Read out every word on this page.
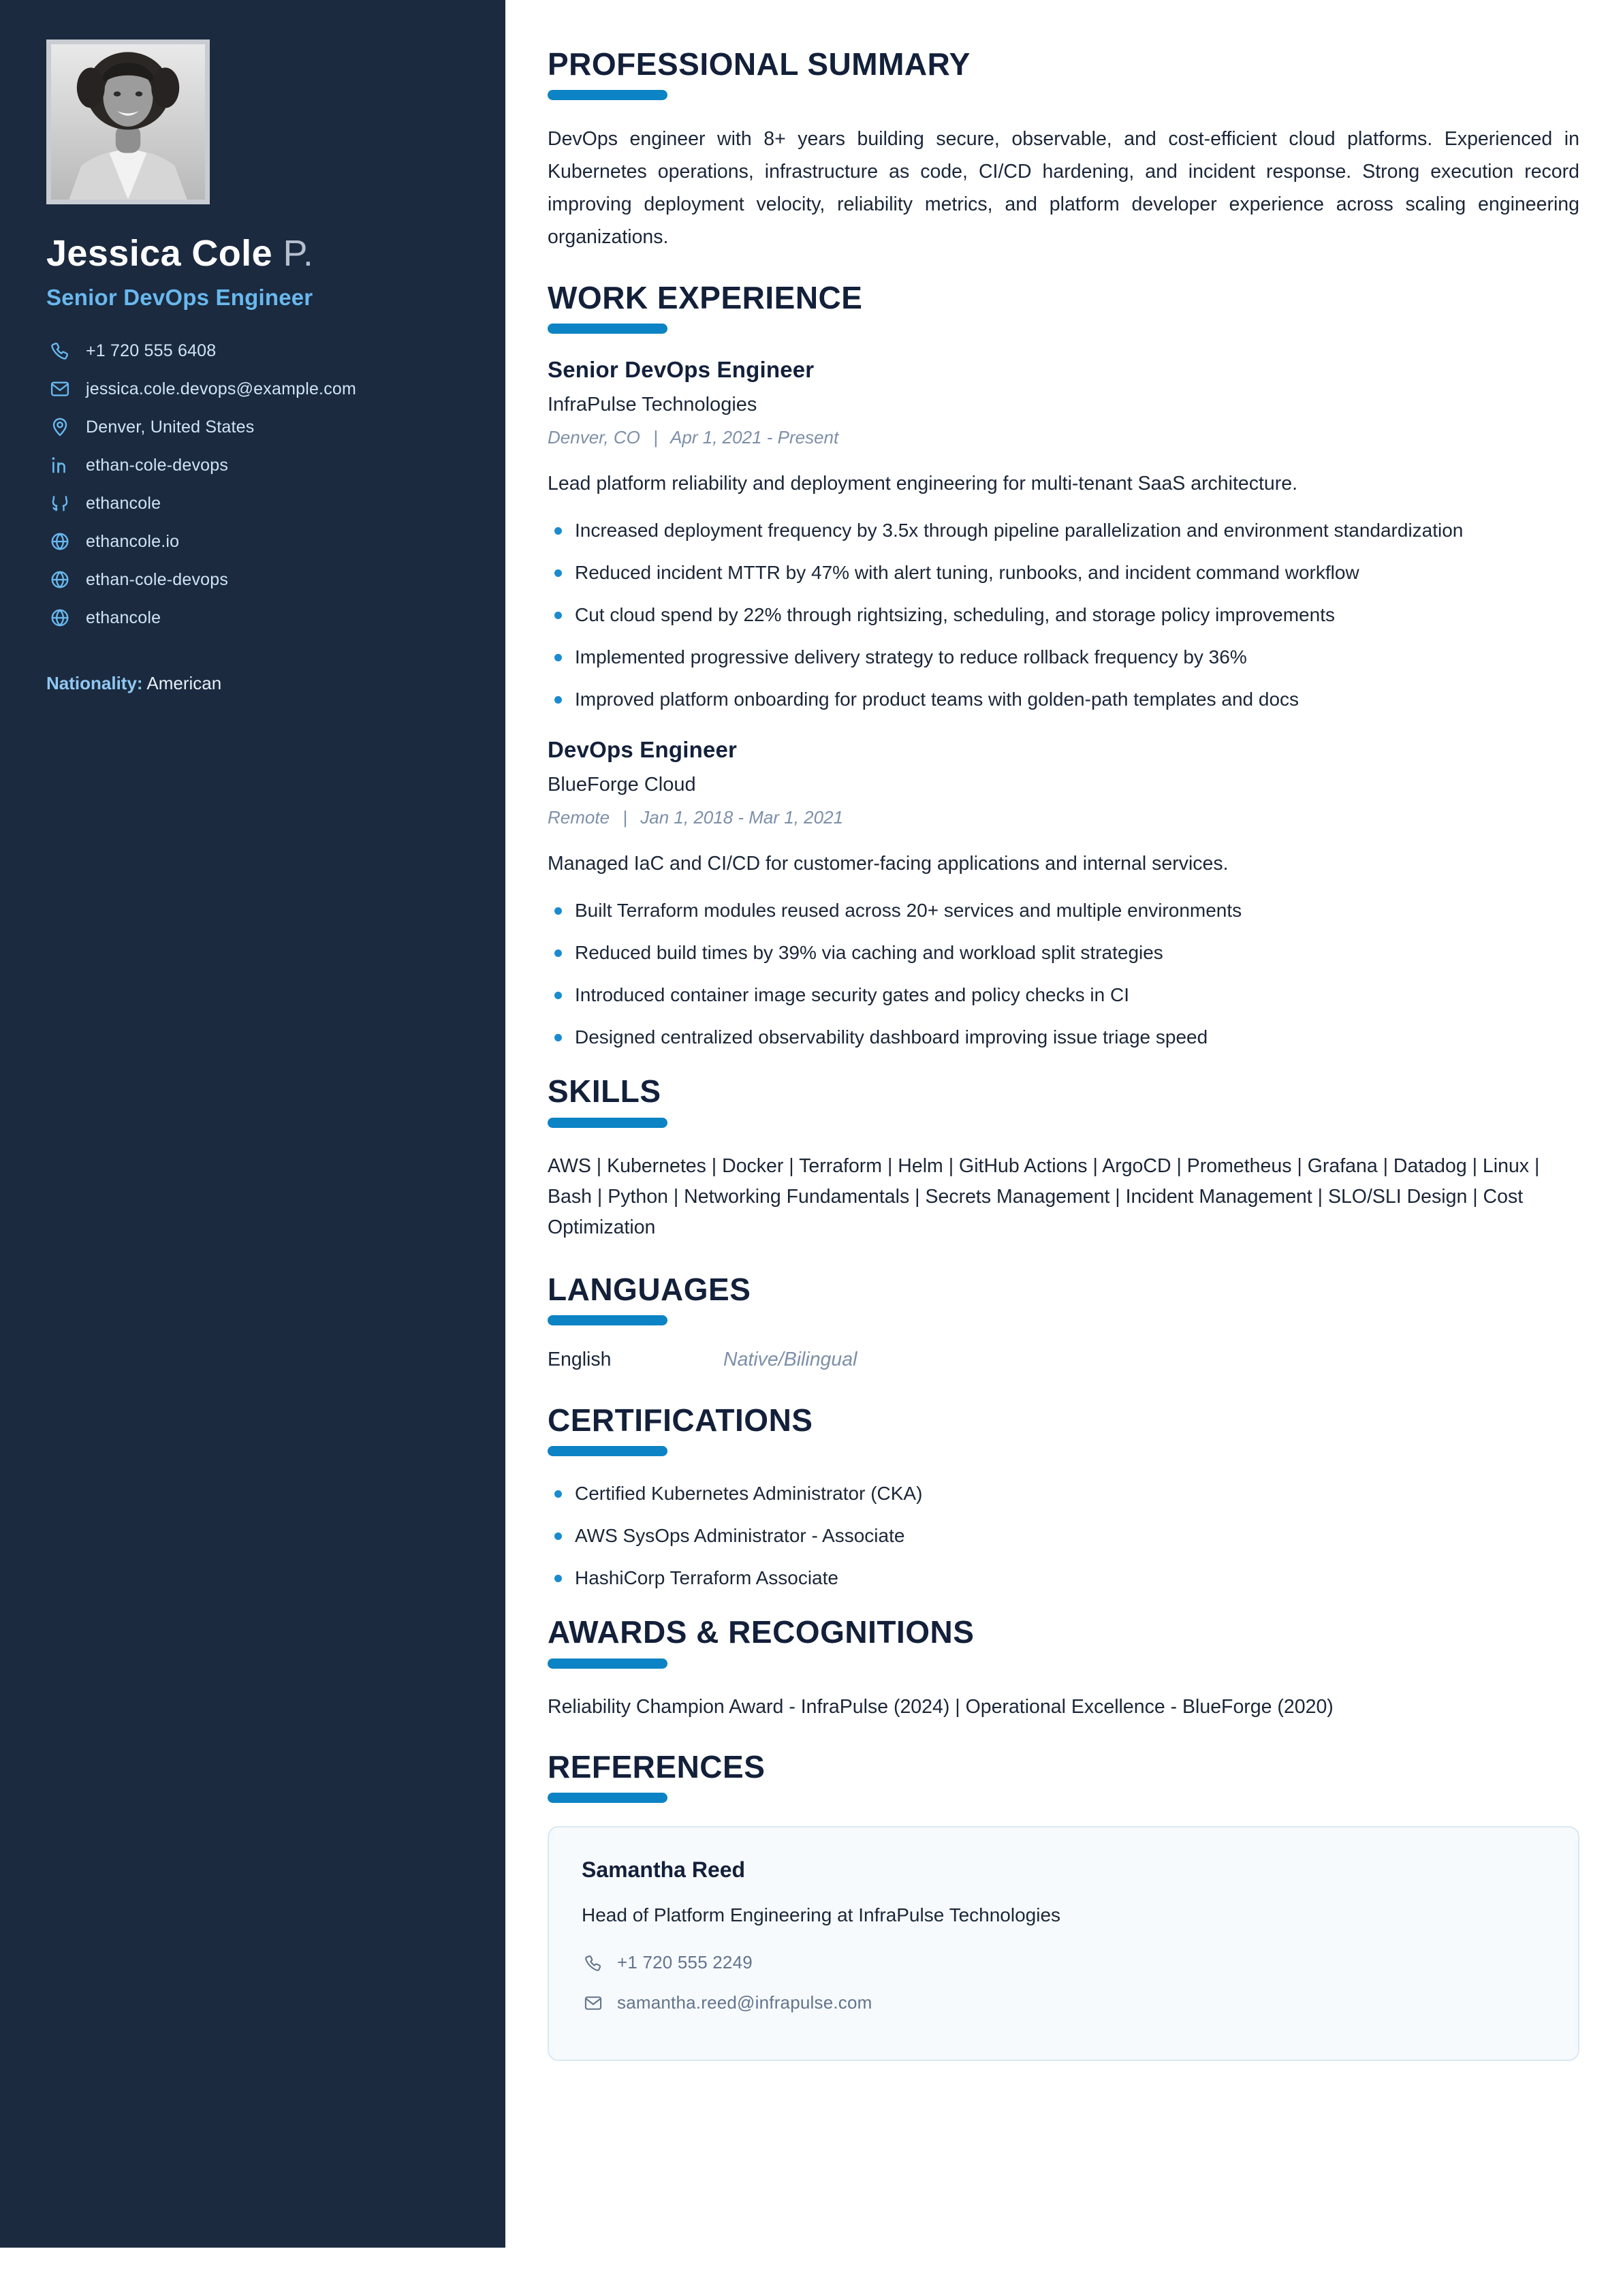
Jessica Cole P.
Senior DevOps Engineer
+1 720 555 6408
jessica.cole.devops@example.com
Denver, United States
ethan-cole-devops
ethancole
ethancole.io
ethan-cole-devops
ethancole
Nationality: American
PROFESSIONAL SUMMARY

DevOps engineer with 8+ years building secure, observable, and cost-efficient cloud platforms. Experienced in Kubernetes operations, infrastructure as code, CI/CD hardening, and incident response. Strong execution record improving deployment velocity, reliability metrics, and platform developer experience across scaling engineering organizations.

WORK EXPERIENCE
Senior DevOps Engineer
InfraPulse Technologies
Denver, CO | Apr 1, 2021 - Present

Lead platform reliability and deployment engineering for multi-tenant SaaS architecture.

Increased deployment frequency by 3.5x through pipeline parallelization and environment standardization
Reduced incident MTTR by 47% with alert tuning, runbooks, and incident command workflow
Cut cloud spend by 22% through rightsizing, scheduling, and storage policy improvements
Implemented progressive delivery strategy to reduce rollback frequency by 36%
Improved platform onboarding for product teams with golden-path templates and docs
DevOps Engineer
BlueForge Cloud
Remote | Jan 1, 2018 - Mar 1, 2021

Managed IaC and CI/CD for customer-facing applications and internal services.

Built Terraform modules reused across 20+ services and multiple environments
Reduced build times by 39% via caching and workload split strategies
Introduced container image security gates and policy checks in CI
Designed centralized observability dashboard improving issue triage speed
SKILLS

AWS | Kubernetes | Docker | Terraform | Helm | GitHub Actions | ArgoCD | Prometheus | Grafana | Datadog | Linux | Bash | Python | Networking Fundamentals | Secrets Management | Incident Management | SLO/SLI Design | Cost Optimization

LANGUAGES
English	Native/Bilingual
CERTIFICATIONS
Certified Kubernetes Administrator (CKA)
AWS SysOps Administrator - Associate
HashiCorp Terraform Associate
AWARDS & RECOGNITIONS

Reliability Champion Award - InfraPulse (2024) | Operational Excellence - BlueForge (2020)

REFERENCES
Samantha Reed
Head of Platform Engineering at InfraPulse Technologies
+1 720 555 2249
samantha.reed@infrapulse.com
